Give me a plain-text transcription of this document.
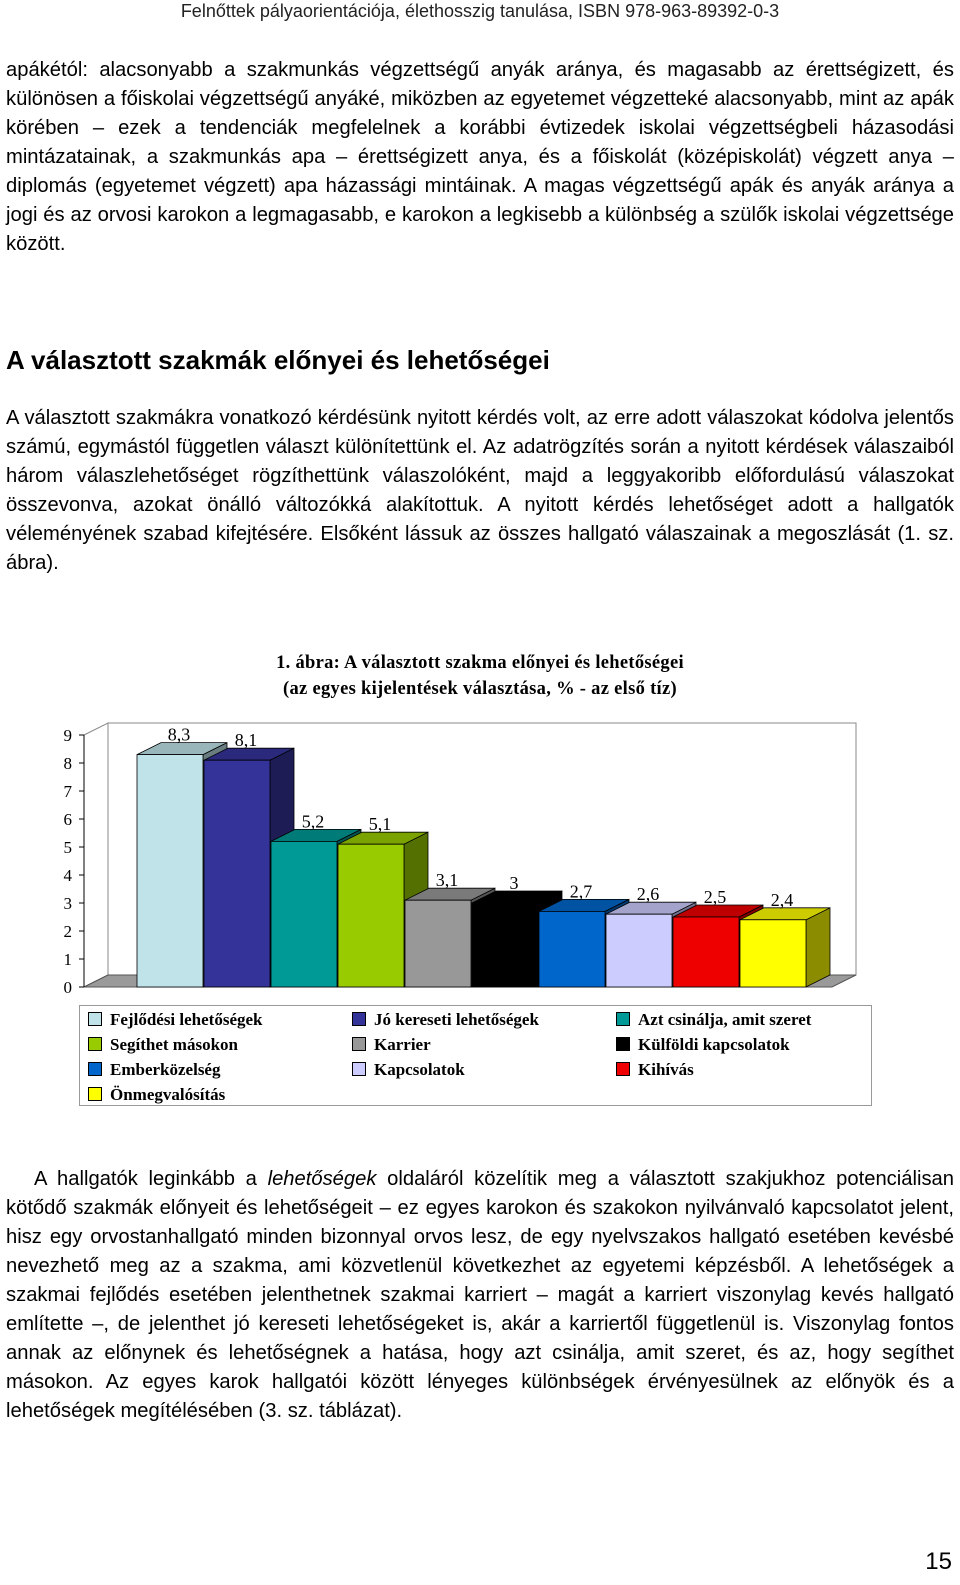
Felnőttek pályaorientációja, élethosszig tanulása, ISBN 978-963-89392-0-3

apákétól: alacsonyabb a szakmunkás végzettségű anyák aránya, és magasabb az érettségizett, és különösen a főiskolai végzettségű anyáké, miközben az egyetemet végzetteké alacsonyabb, mint az apák körében – ezek a tendenciák megfelelnek a korábbi évtizedek iskolai végzettségbeli házasodási mintázatainak, a szakmunkás apa – érettségizett anya, és a főiskolát (középiskolát) végzett anya – diplomás (egyetemet végzett) apa házassági mintáinak. A magas végzettségű apák és anyák aránya a jogi és az orvosi karokon a legmagasabb, e karokon a legkisebb a különbség a szülők iskolai végzettsége között.

A választott szakmák előnyei és lehetőségei

A választott szakmákra vonatkozó kérdésünk nyitott kérdés volt, az erre adott válaszokat kódolva jelentős számú, egymástól független választ különítettünk el. Az adatrögzítés során a nyitott kérdések válaszaiból három válaszlehetőséget rögzíthettünk válaszolóként, majd a leggyakoribb előfordulású válaszokat összevonva, azokat önálló változókká alakítottuk. A nyitott kérdés lehetőséget adott a hallgatók véleményének szabad kifejtésére. Elsőként lássuk az összes hallgató válaszainak a megoszlását (1. sz. ábra).

1. ábra: A választott szakma előnyei és lehetőségei
(az egyes kijelentések választása, % - az első tíz)
0
1
2
3
4
5
6
7
8
9	8,3 8,1
5,2 5,1
3,1	3	2,7 2,6 2,5 2,4
Fejlődési lehetőségek	Jó kereseti lehetőségek	Azt csinálja, amit szeret
Segíthet másokon	Karrier	Külföldi kapcsolatok
Emberközelség	Kapcsolatok	Kihívás
Önmegvalósítás

A hallgatók leginkább a lehetőségek oldaláról közelítik meg a választott szakjukhoz potenciálisan kötődő szakmák előnyeit és lehetőségeit – ez egyes karokon és szakokon nyilvánvaló kapcsolatot jelent, hisz egy orvostanhallgató minden bizonnyal orvos lesz, de egy nyelvszakos hallgató esetében kevésbé nevezhető meg az a szakma, ami közvetlenül következhet az egyetemi képzésből. A lehetőségek a szakmai fejlődés esetében jelenthetnek szakmai karriert – magát a karriert viszonylag kevés hallgató említette –, de jelenthet jó kereseti lehetőségeket is, akár a karriertől függetlenül is. Viszonylag fontos annak az előnynek és lehetőségnek a hatása, hogy azt csinálja, amit szeret, és az, hogy segíthet másokon. Az egyes karok hallgatói között lényeges különbségek érvényesülnek az előnyök és a lehetőségek megítélésében (3. sz. táblázat).

15
